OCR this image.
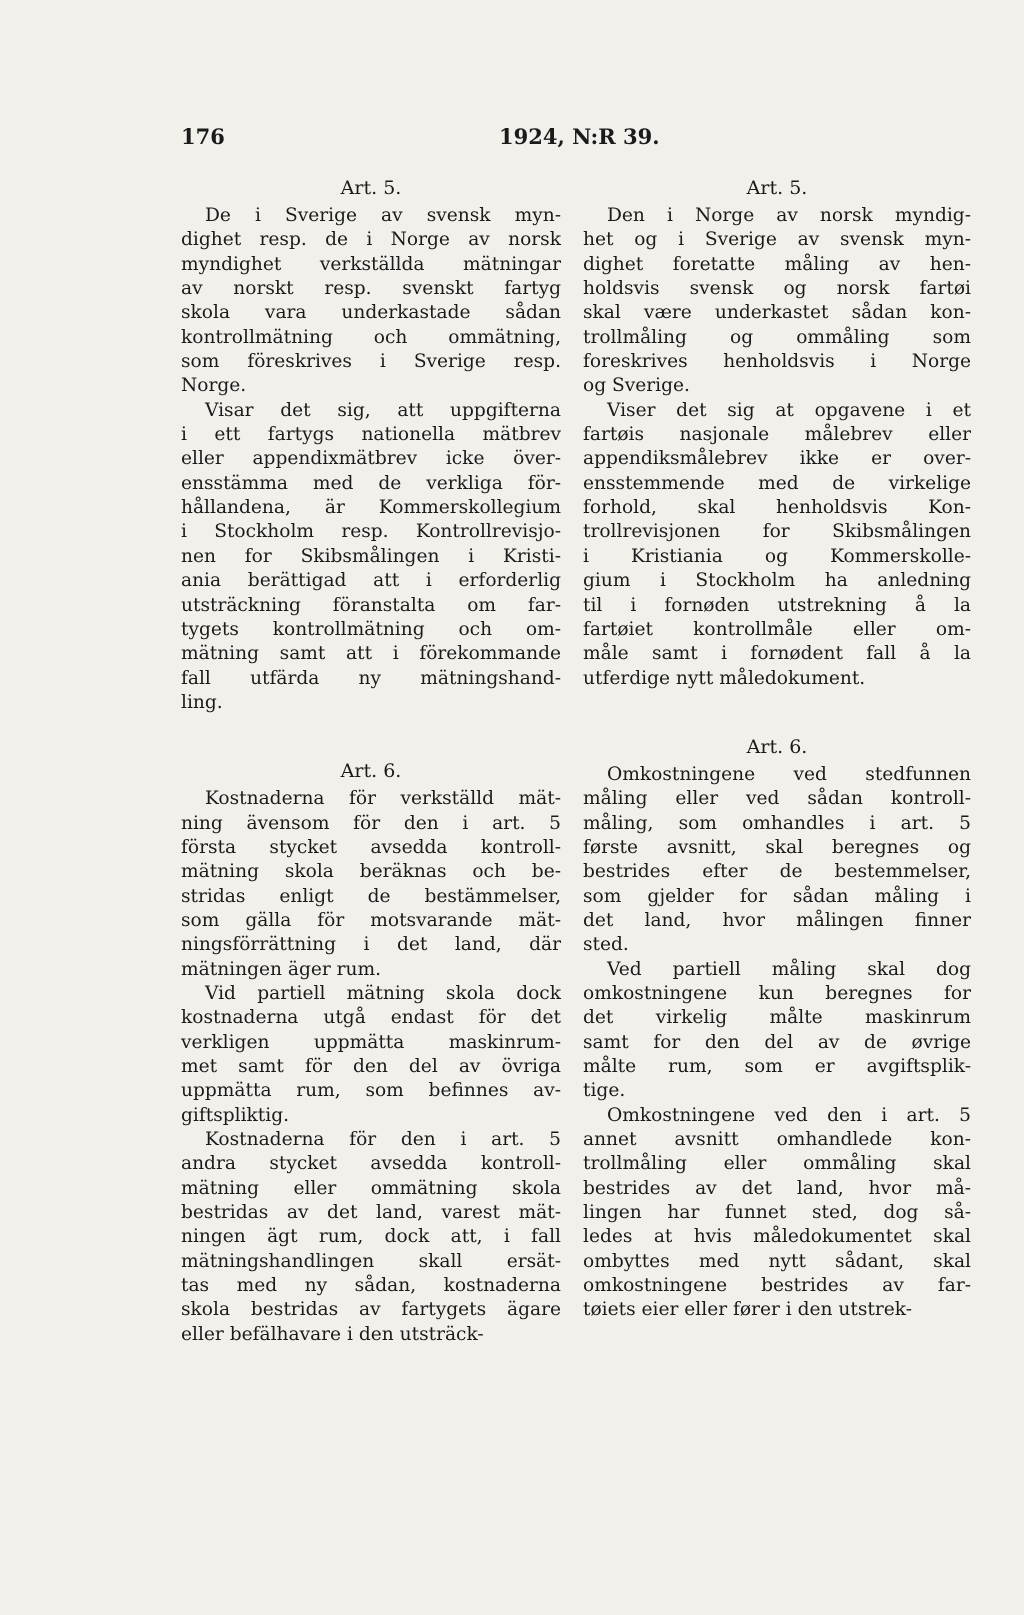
176	1924, N:R 39.
Art. 5.
De i Sverige av svensk myn-
dighet resp. de i Norge av norsk
myndighet verkställda mätningar
av norskt resp. svenskt fartyg
skola vara underkastade sådan
kontrollmätning och ommätning,
som föreskrives i Sverige resp.
Norge.
Visar det sig, att uppgifterna
i ett fartygs nationella mätbrev
eller appendixmätbrev icke över-
ensstämma med de verkliga för-
hållandena, är Kommerskollegium
i Stockholm resp. Kontrollrevisjo-
nen for Skibsmålingen i Kristi-
ania berättigad att i erforderlig
utsträckning föranstalta om far-
tygets kontrollmätning och om-
mätning samt att i förekommande
fall utfärda ny mätningshand-
ling.
Art. 6.
Kostnaderna för verkställd mät-
ning ävensom för den i art. 5
första stycket avsedda kontroll-
mätning skola beräknas och be-
stridas enligt de bestämmelser,
som gälla för motsvarande mät-
ningsförrättning i det land, där
mätningen äger rum.
Vid partiell mätning skola dock
kostnaderna utgå endast för det
verkligen uppmätta maskinrum-
met samt för den del av övriga
uppmätta rum, som befinnes av-
giftspliktig.
Kostnaderna för den i art. 5
andra stycket avsedda kontroll-
mätning eller ommätning skola
bestridas av det land, varest mät-
ningen ägt rum, dock att, i fall
mätningshandlingen skall ersät-
tas med ny sådan, kostnaderna
skola bestridas av fartygets ägare
eller befälhavare i den utsträck-
Art. 5.
Den i Norge av norsk myndig-
het og i Sverige av svensk myn-
dighet foretatte måling av hen-
holdsvis svensk og norsk fartøi
skal være underkastet sådan kon-
trollmåling og ommåling som
foreskrives henholdsvis i Norge
og Sverige.
Viser det sig at opgavene i et
fartøis nasjonale målebrev eller
appendiksmålebrev ikke er over-
ensstemmende med de virkelige
forhold, skal henholdsvis Kon-
trollrevisjonen for Skibsmålingen
i Kristiania og Kommerskolle-
gium i Stockholm ha anledning
til i fornøden utstrekning å la
fartøiet kontrollmåle eller om-
måle samt i fornødent fall å la
utferdige nytt måledokument.
Art. 6.
Omkostningene ved stedfunnen
måling eller ved sådan kontroll-
måling, som omhandles i art. 5
første avsnitt, skal beregnes og
bestrides efter de bestemmelser,
som gjelder for sådan måling i
det land, hvor målingen finner
sted.
Ved partiell måling skal dog
omkostningene kun beregnes for
det virkelig målte maskinrum
samt for den del av de øvrige
målte rum, som er avgiftsplik-
tige.
Omkostningene ved den i art. 5
annet avsnitt omhandlede kon-
trollmåling eller ommåling skal
bestrides av det land, hvor må-
lingen har funnet sted, dog så-
ledes at hvis måledokumentet skal
ombyttes med nytt sådant, skal
omkostningene bestrides av far-
tøiets eier eller fører i den utstrek-
